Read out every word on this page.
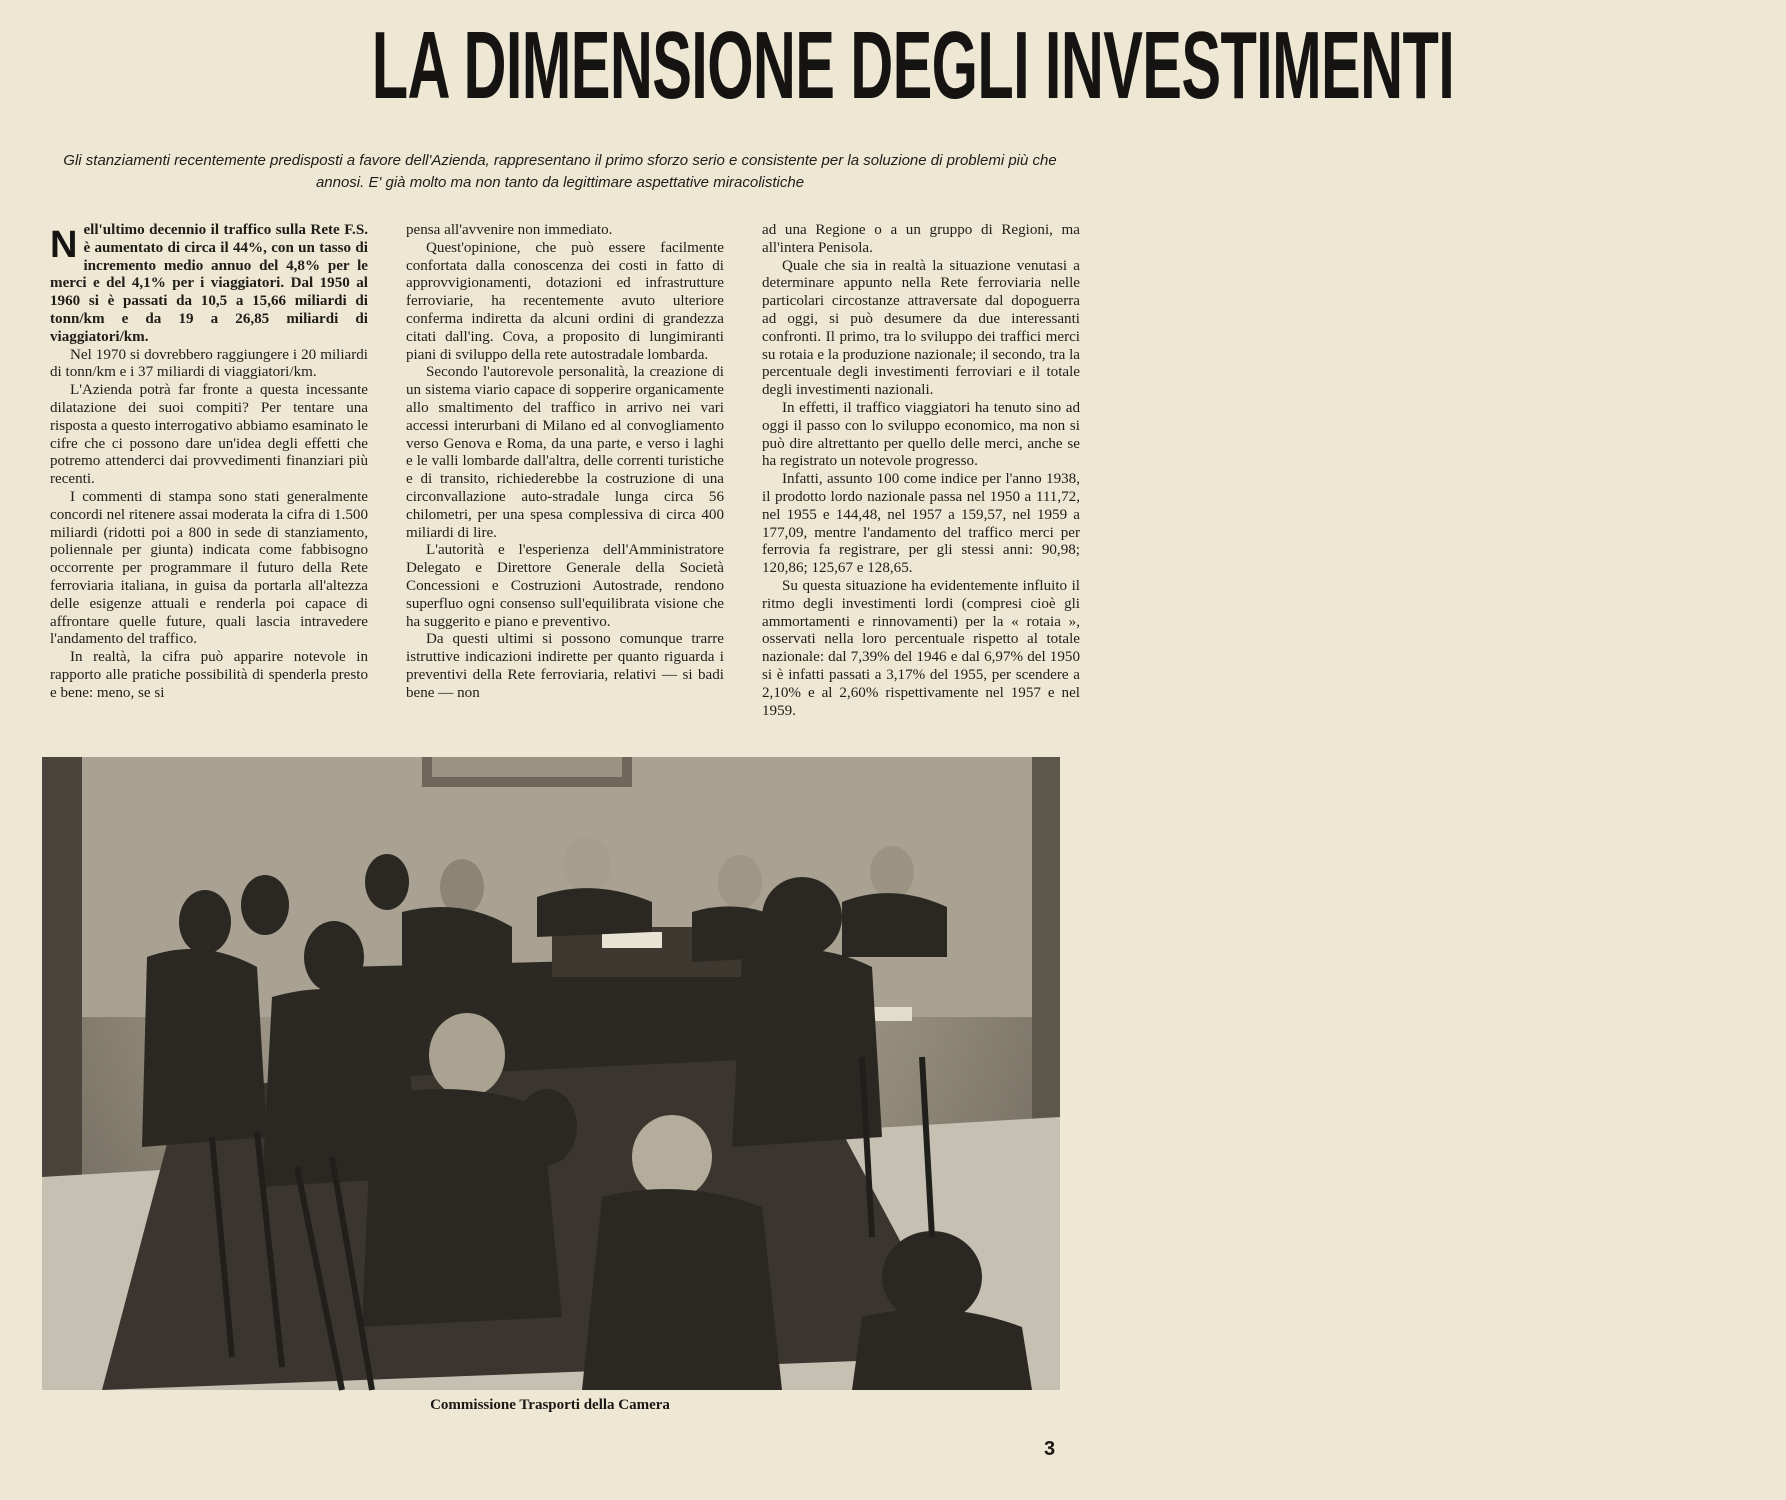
LA DIMENSIONE DEGLI INVESTIMENTI
Gli stanziamenti recentemente predisposti a favore dell'Azienda, rappresentano il primo sforzo serio e consistente per la soluzione di problemi più che annosi. E' già molto ma non tanto da legittimare aspettative miracolistiche

Nell'ultimo decennio il traffico sulla Rete F.S. è aumentato di circa il 44%, con un tasso di incremento medio annuo del 4,8% per le merci e del 4,1% per i viaggiatori. Dal 1950 al 1960 si è passati da 10,5 a 15,66 miliardi di tonn/km e da 19 a 26,85 miliardi di viaggiatori/km.

Nel 1970 si dovrebbero raggiungere i 20 miliardi di tonn/km e i 37 miliardi di viaggiatori/km.

L'Azienda potrà far fronte a questa incessante dilatazione dei suoi compiti? Per tentare una risposta a questo interrogativo abbiamo esaminato le cifre che ci possono dare un'idea degli effetti che potremo attenderci dai provvedimenti finanziari più recenti.

I commenti di stampa sono stati generalmente concordi nel ritenere assai moderata la cifra di 1.500 miliardi (ridotti poi a 800 in sede di stanziamento, poliennale per giunta) indicata come fabbisogno occorrente per programmare il futuro della Rete ferroviaria italiana, in guisa da portarla all'altezza delle esigenze attuali e renderla poi capace di affrontare quelle future, quali lascia intravedere l'andamento del traffico.

In realtà, la cifra può apparire notevole in rapporto alle pratiche possibilità di spenderla presto e bene: meno, se si

pensa all'avvenire non immediato.

Quest'opinione, che può essere facilmente confortata dalla conoscenza dei costi in fatto di approvvigionamenti, dotazioni ed infrastrutture ferroviarie, ha recentemente avuto ulteriore conferma indiretta da alcuni ordini di grandezza citati dall'ing. Cova, a proposito di lungimiranti piani di sviluppo della rete autostradale lombarda.

Secondo l'autorevole personalità, la creazione di un sistema viario capace di sopperire organicamente allo smaltimento del traffico in arrivo nei vari accessi interurbani di Milano ed al convogliamento verso Genova e Roma, da una parte, e verso i laghi e le valli lombarde dall'altra, delle correnti turistiche e di transito, richiederebbe la costruzione di una circonvallazione auto-stradale lunga circa 56 chilometri, per una spesa complessiva di circa 400 miliardi di lire.

L'autorità e l'esperienza dell'Amministratore Delegato e Direttore Generale della Società Concessioni e Costruzioni Autostrade, rendono superfluo ogni consenso sull'equilibrata visione che ha suggerito e piano e preventivo.

Da questi ultimi si possono comunque trarre istruttive indicazioni indirette per quanto riguarda i preventivi della Rete ferroviaria, relativi — si badi bene — non

ad una Regione o a un gruppo di Regioni, ma all'intera Penisola.

Quale che sia in realtà la situazione venutasi a determinare appunto nella Rete ferroviaria nelle particolari circostanze attraversate dal dopoguerra ad oggi, si può desumere da due interessanti confronti. Il primo, tra lo sviluppo dei traffici merci su rotaia e la produzione nazionale; il secondo, tra la percentuale degli investimenti ferroviari e il totale degli investimenti nazionali.

In effetti, il traffico viaggiatori ha tenuto sino ad oggi il passo con lo sviluppo economico, ma non si può dire altrettanto per quello delle merci, anche se ha registrato un notevole progresso.

Infatti, assunto 100 come indice per l'anno 1938, il prodotto lordo nazionale passa nel 1950 a 111,72, nel 1955 e 144,48, nel 1957 a 159,57, nel 1959 a 177,09, mentre l'andamento del traffico merci per ferrovia fa registrare, per gli stessi anni: 90,98; 120,86; 125,67 e 128,65.

Su questa situazione ha evidentemente influito il ritmo degli investimenti lordi (compresi cioè gli ammortamenti e rinnovamenti) per la « rotaia », osservati nella loro percentuale rispetto al totale nazionale: dal 7,39% del 1946 e dal 6,97% del 1950 si è infatti passati a 3,17% del 1955, per scendere a 2,10% e al 2,60% rispettivamente nel 1957 e nel 1959.

Commissione Trasporti della Camera
3
